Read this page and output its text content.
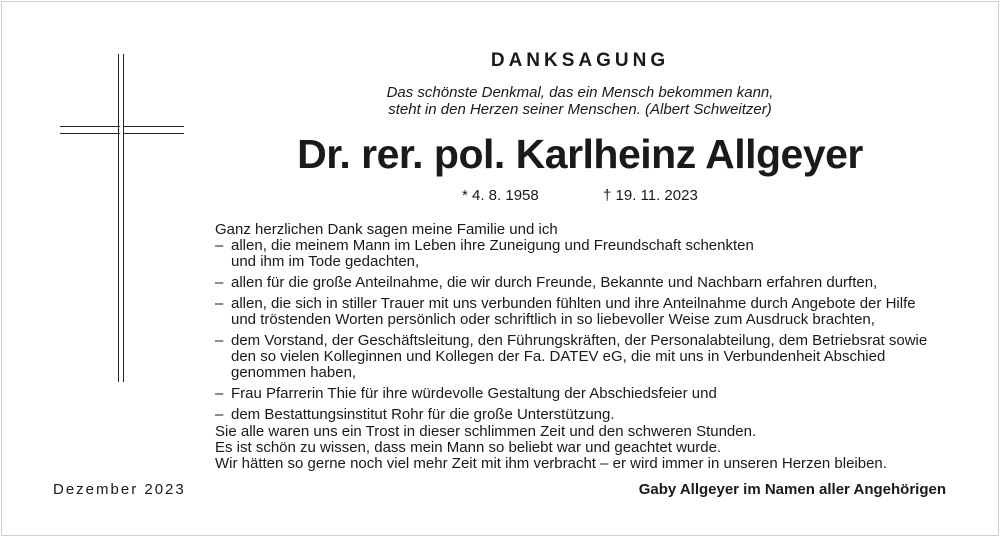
DANKSAGUNG
Das schönste Denkmal, das ein Mensch bekommen kann,
steht in den Herzen seiner Menschen. (Albert Schweitzer)
Dr. rer. pol. Karlheinz Allgeyer
* 4. 8. 1958	† 19. 11. 2023

Ganz herzlichen Dank sagen meine Familie und ich

– allen, die meinem Mann im Leben ihre Zuneigung und Freundschaft schenkten
und ihm im Tode gedachten,
– allen für die große Anteilnahme, die wir durch Freunde, Bekannte und Nachbarn erfahren durften,
– allen, die sich in stiller Trauer mit uns verbunden fühlten und ihre Anteilnahme durch Angebote der Hilfe
und tröstenden Worten persönlich oder schriftlich in so liebevoller Weise zum Ausdruck brachten,
– dem Vorstand, der Geschäftsleitung, den Führungskräften, der Personalabteilung, dem Betriebsrat sowie
den so vielen Kolleginnen und Kollegen der Fa. DATEV eG, die mit uns in Verbundenheit Abschied
genommen haben,
– Frau Pfarrerin Thie für ihre würdevolle Gestaltung der Abschiedsfeier und
– dem Bestattungsinstitut Rohr für die große Unterstützung.
Sie alle waren uns ein Trost in dieser schlimmen Zeit und den schweren Stunden.
Es ist schön zu wissen, dass mein Mann so beliebt war und geachtet wurde.
Wir hätten so gerne noch viel mehr Zeit mit ihm verbracht – er wird immer in unseren Herzen bleiben.
Dezember 2023	Gaby Allgeyer im Namen aller Angehörigen
